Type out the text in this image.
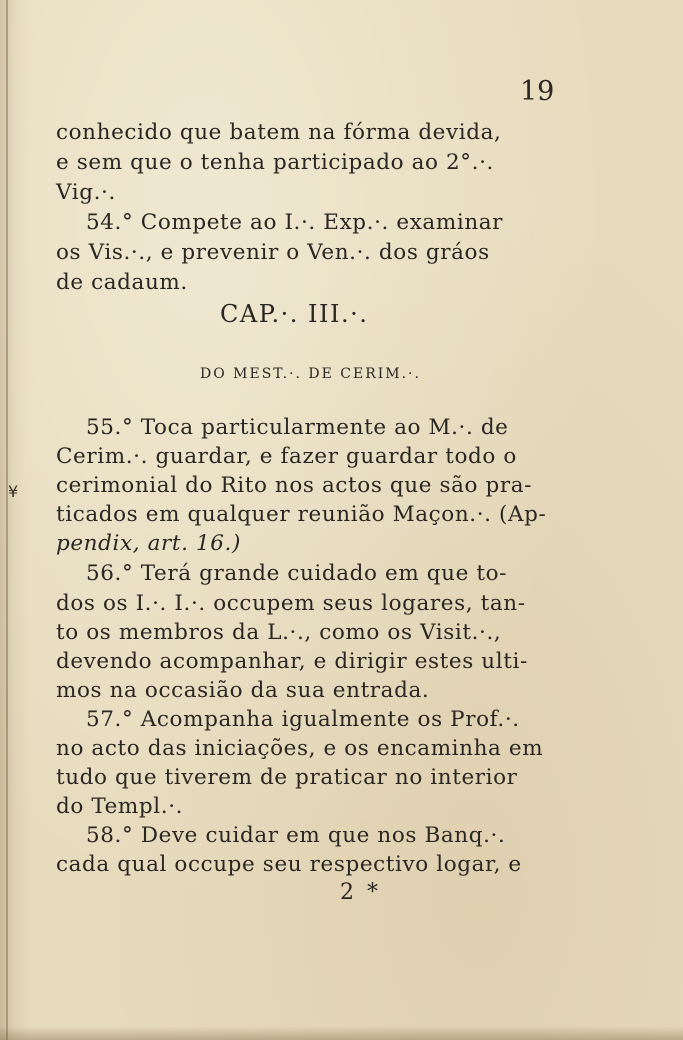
19
conhecido que batem na fórma devida,
e sem que o tenha participado ao 2°.·.
Vig.·.
54.° Compete ao I.·. Exp.·. examinar
os Vis.·., e prevenir o Ven.·. dos gráos
de cadaum.
CAP.·. III.·.
DO MEST.·. DE CERIM.·.
55.° Toca particularmente ao M.·. de
Cerim.·. guardar, e fazer guardar todo o
cerimonial do Rito nos actos que são pra-
ticados em qualquer reunião Maçon.·. (Ap-
pendix, art. 16.)
56.° Terá grande cuidado em que to-
dos os I.·. I.·. occupem seus logares, tan-
to os membros da L.·., como os Visit.·.,
devendo acompanhar, e dirigir estes ulti-
mos na occasião da sua entrada.
57.° Acompanha igualmente os Prof.·.
no acto das iniciações, e os encaminha em
tudo que tiverem de praticar no interior
do Templ.·.
58.° Deve cuidar em que nos Banq.·.
cada qual occupe seu respectivo logar, e
2 *
¥
